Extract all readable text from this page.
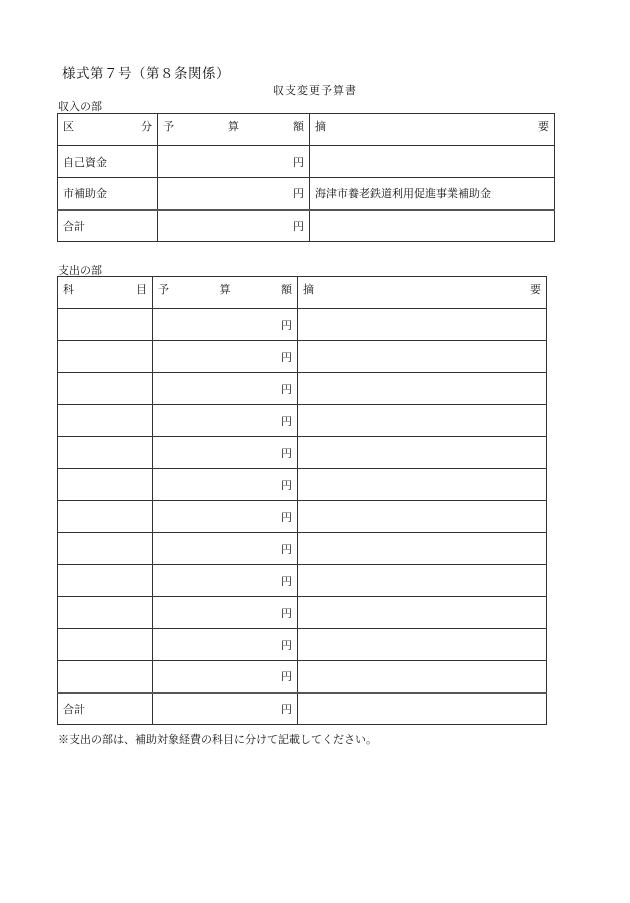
様式第７号（第８条関係）
収支変更予算書
収入の部
区 分	予 算 額	摘 要

自己資金	円	
市補助金	円	海津市養老鉄道利用促進事業補助金
合計	円	
支出の部
科 目	予 算 額	摘 要

	円	
	円	
	円	
	円	
	円	
	円	
	円	
	円	
	円	
	円	
	円	
	円	
合計	円	
※支出の部は、補助対象経費の科目に分けて記載してください。
